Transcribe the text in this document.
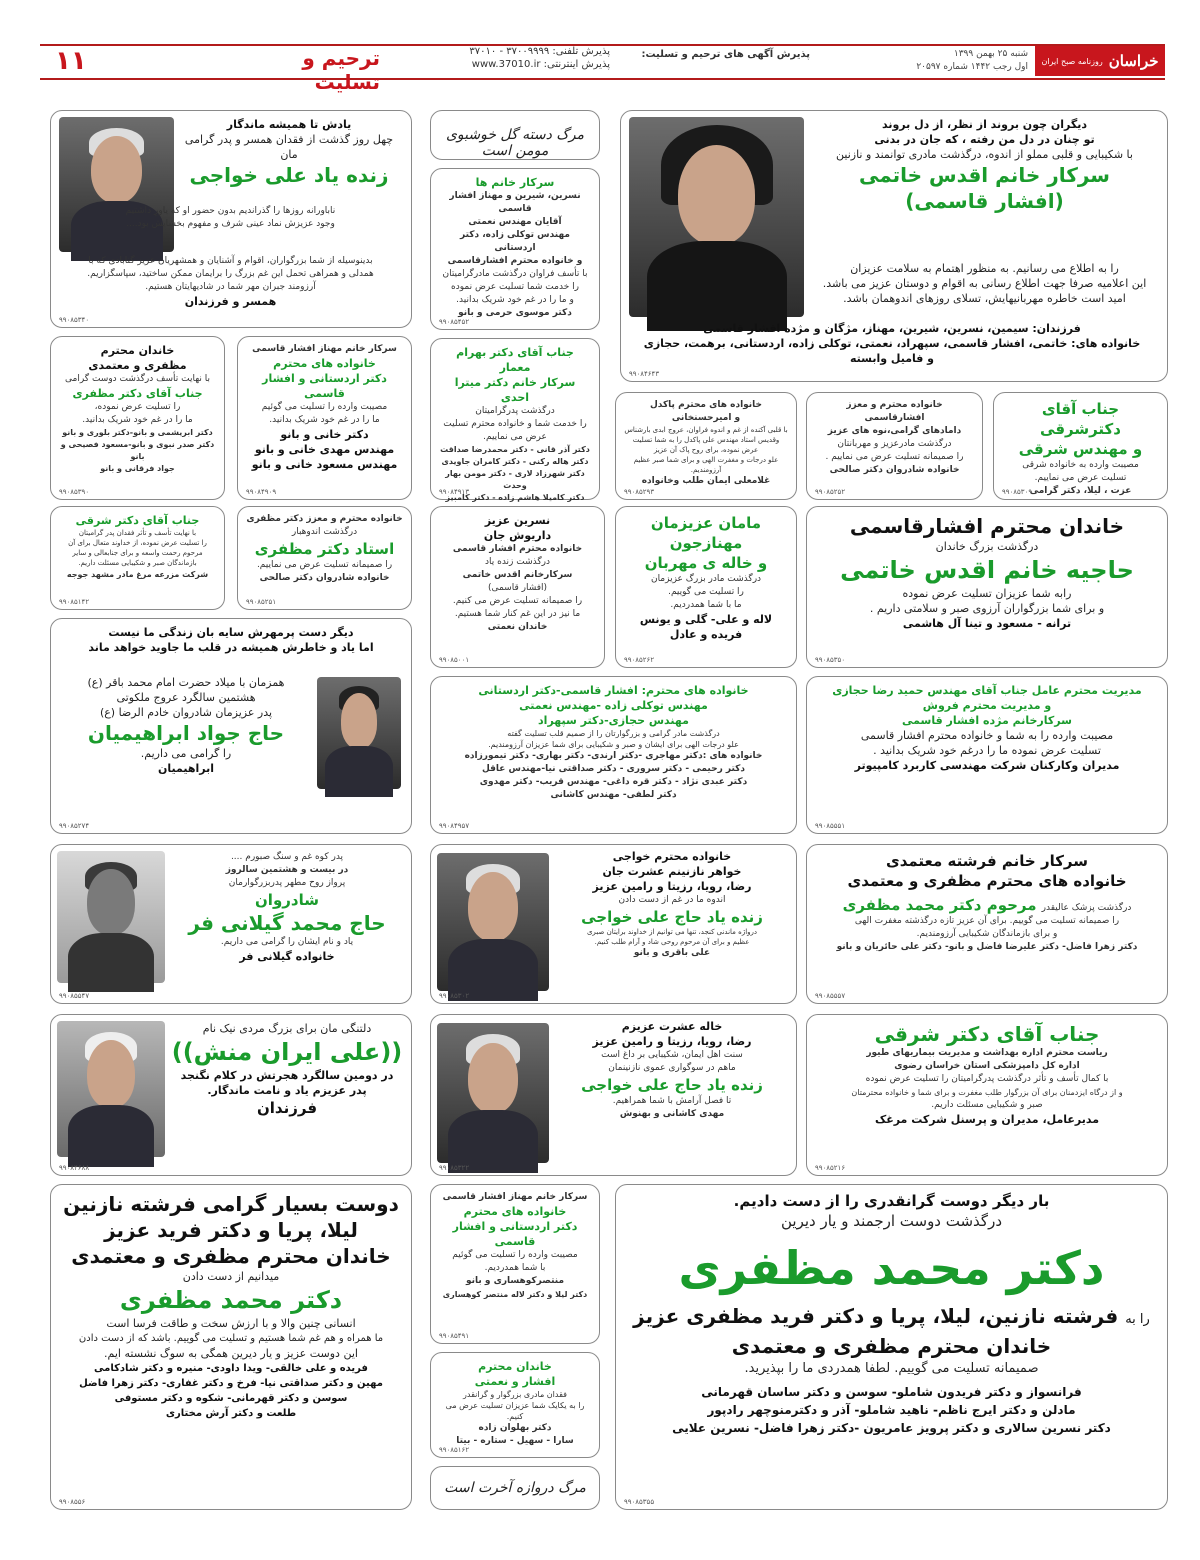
خراسان
روزنامه صبح ایران
شنبه ۲۵ بهمن ۱۳۹۹
اول رجب ۱۴۴۲ شماره ۲۰۵۹۷
پذیرش آگهی های ترحیم و تسلیت:
پذیرش تلفنی: ۳۷۰۰۹۹۹۹ - ۳۷۰۱۰
پذیرش اینترنتی: www.37010.ir
ترحیم و تسلیت
۱۱

دیگران چون بروند از نظر، از دل بروند

تو چنان در دل من رفته ، که جان در بدنی

با شکیبایی و قلبی مملو از اندوه، درگذشت مادری توانمند و نازنین

سرکار خانم اقدس خاتمی

(افشار قاسمی)

را به اطلاع می رسانیم. به منظور اهتمام به سلامت عزیزان

این اعلامیه صرفا جهت اطلاع رسانی به اقوام و دوستان عزیز می باشد.

امید است خاطره مهربانیهایش، تسلای روزهای اندوهمان باشد.

فرزندان: سیمین، نسرین، شیرین، مهناز، مژگان و مژده افشار قاسمی

خانواده های: خاتمی، افشار قاسمی، سپهراد، نعمتی، توکلی زاده، اردستانی، برهمت، حجازی

و فامیل وابسته

۹۹۰۸۴۶۴۳

مرگ دسته گل خوشبوی مومن است

سرکار خانم ها

نسرین، شیرین و مهناز افشار قاسمی

آقایان مهندس نعمتی

مهندس توکلی زاده، دکتر اردستانی

و خانواده محترم افشارقاسمی

با تأسف فراوان درگذشت مادرگرامیتان

را خدمت شما تسلیت عرض نموده

و ما را در غم خود شریک بدانید.

دکتر موسوی حرمی و بانو

۹۹۰۸۵۴۵۲

یادش تا همیشه ماندگار

چهل روز گذشت از فقدان همسر و پدر گرامی مان

زنده یاد علی خواجی

ناباورانه روزها را گذراندیم بدون حضور او که یاورِ داشتیم

وجود عزیزش نماد عینی شرف و مفهوم بخشایش بود....

بدینوسیله از شما بزرگواران، اقوام و آشنایان و همشهریان عزیز گنابادی که با

همدلی و همراهی تحمل این غم بزرگ را برایمان ممکن ساختید، سپاسگزاریم.

آرزومند جبران مهر شما در شادیهایتان هستیم.

همسر و فرزندان

۹۹۰۸۵۳۴۰

جناب آقای دکترشرقی

و مهندس شرقی

مصیبت وارده به خانواده شرقی

تسلیت عرض می نماییم.

عزت ، لیلا، دکتر گرامی

۹۹۰۸۵۳۰۹

خانواده محترم و معزز افشارقاسمی

دامادهای گرامی،نوه های عزیز

درگذشت مادرعزیز و مهربانتان

را صمیمانه تسلیت عرض می نماییم .

خانواده شادروان دکتر صالحی

۹۹۰۸۵۲۵۲

خانواده های محترم پاکدل

و امیرحسنخانی

با قلبی آکنده از غم و اندوه فراوان، عروج ابدی بارشناس

وقدیس استاد مهندس علی پاکدل را به شما تسلیت

عرض نموده، برای روح پاک آن عزیز

علو درجات و مغفرت الهی و برای شما صبر عظیم آرزومندیم.

غلامعلی ایمان طلب وخانواده

۹۹۰۸۵۲۹۳

جناب آقای دکتر بهرام معمار

سرکار خانم دکتر میترا احدی

درگذشت پدرگرامیتان

را خدمت شما و خانواده محترم تسلیت

عرض می نماییم.

دکتر آذر قانی - دکتر محمدرضا صداقت

دکتر هاله رکنی - دکتر کامران جاویدی

دکتر شهرزاد لاری - دکتر مومن بهار وحدت

دکتر کامیلا هاشم زاده - دکتر کامبیز

۹۹۰۸۴۹۱۳

سرکار خانم مهناز افشار قاسمی

خانواده های محترم

دکتر اردستانی و افشار قاسمی

مصیبت وارده را تسلیت می گوئیم

ما را در غم خود شریک بدانید.

دکتر خانی و بانو

مهندس مهدی خانی و بانو

مهندس مسعود خانی و بانو

۹۹۰۸۴۹۰۹

خاندان محترم

مظفری و معتمدی

با نهایت تأسف درگذشت دوست گرامی

جناب آقای دکتر مظفری

را تسلیت عرض نموده،

ما را در غم خود شریک بدانید.

دکتر ابریشمی و بانو-دکتر بلوری و بانو

دکتر صدر نبوی و بانو-مسعود فصیحی و بانو

جواد فرقانی و بانو

۹۹۰۸۵۳۹۰

خاندان محترم افشارقاسمی

درگذشت بزرگ خاندان

حاجیه خانم اقدس خاتمی

رابه شما عزیزان تسلیت عرض نموده

و برای شما بزرگواران آرزوی صبر و سلامتی داریم .

ترانه - مسعود و تینا آل هاشمی

۹۹۰۸۵۳۵۰

مامان عزیزمان

مهنازجون

و خاله ی مهربان

درگذشت مادر بزرگ عزیزمان

را تسلیت می گوییم.

ما با شما همدردیم.

لاله و علی- گلی و یونس

فریده و عادل

۹۹۰۸۵۲۶۲

نسرین عزیز

داریوش جان

خانواده محترم افشار قاسمی

درگذشت زنده یاد

سرکارخانم اقدس خاتمی

(افشار قاسمی)

را صمیمانه تسلیت عرض می کنیم.

ما نیز در این غم کنار شما هستیم.

خاندان نعمتی

۹۹۰۸۵۰۰۱

خانواده محترم و معزز دکتر مظفری

درگذشت اندوهبار

استاد دکتر مظفری

را صمیمانه تسلیت عرض می نماییم.

خانواده شادروان دکتر صالحی

۹۹۰۸۵۲۵۱

جناب آقای دکتر شرقی

با نهایت تأسف و تأثر فقدان پدر گرامیتان

را تسلیت عرض نموده، از خداوند متعال برای آن

مرحوم رحمت واسعه و برای جنابعالی و سایر

بازماندگان صبر و شکیبایی مسئلت داریم.

شرکت مزرعه مرغ مادر مشهد جوجه

۹۹۰۸۵۱۴۲

دیگر دست پرمهرش سایه بان زندگی ما نیست

اما یاد و خاطرش همیشه در قلب ما جاوید خواهد ماند

همزمان با میلاد حضرت امام محمد باقر (ع)

هشتمین سالگرد عروج ملکوتی

پدر عزیزمان شادروان خادم الرضا (ع)

حاج جواد ابراهیمیان

را گرامی می داریم.

ابراهیمیان

۹۹۰۸۵۲۷۴

خانواده های محترم: افشار قاسمی-دکتر اردستانی

مهندس توکلی زاده -مهندس نعمتی

مهندس حجازی-دکتر سپهراد

درگذشت مادر گرامی و بزرگوارتان را از صمیم قلب تسلیت گفته

علو درجات الهی برای ایشان و صبر و شکیبایی برای شما عزیزان آرزومندیم.

خانواده های :دکتر مهاجری -دکتر ارندی- دکتر بهاری- دکتر تیمورزاده

دکتر رحیمی - دکتر سروری - دکتر صداقتی نیا-مهندس عاقل

دکتر عبدی نژاد - دکتر قره داغی- مهندس قریب- دکتر مهدوی

دکتر لطفی- مهندس کاشانی

۹۹۰۸۴۹۵۷

مدیریت محترم عامل جناب آقای مهندس حمید رضا حجازی

و مدیریت محترم فروش

سرکارخانم مژده افشار قاسمی

مصیبت وارده را به شما و خانواده محترم افشار قاسمی

تسلیت عرض نموده ما را درغم خود شریک بدانید .

مدیران وکارکنان شرکت مهندسی کاربرد کامپیوتر

۹۹۰۸۵۵۵۱

پدر کوه غم و سنگ صبورم ....

در بیست و هشتمین سالروز

پرواز روح مطهر پدربزرگوارمان

شادروان

حاج محمد گیلانی فر

یاد و نام ایشان را گرامی می داریم.

خانواده گیلانی فر

۹۹۰۸۵۵۴۷

خانواده محترم خواجی

خواهر نازنینم عشرت جان

رضا، رویا، رزیتا و رامین عزیز

اندوه ما در غم از دست دادن

زنده یاد حاج علی خواجی

درواژه ماندنی کنجد، تنها می توانیم از خداوند برایتان صبری

عظیم و برای آن مرحوم روحی شاد و آرام طلب کنیم.

علی باقری و بانو

۹۹۰۸۵۳۰۲

سرکار خانم فرشته معتمدی

خانواده های محترم مظفری و معتمدی

درگذشت پزشک عالیقدر مرحوم دکتر محمد مظفری

را صمیمانه تسلیت می گوییم. برای آن عزیز تازه درگذشته مغفرت الهی

و برای بازماندگان شکیبایی آرزومندیم.

دکتر زهرا فاضل- دکتر علیرضا فاضل و بانو- دکتر علی حائریان و بانو

۹۹۰۸۵۵۵۷

دلتنگی مان برای بزرگ مردی نیک نام

((علی ایران منش))

در دومین سالگرد هجرتش در کلام نگنجد

پدر عزیزم یاد و نامت ماندگار.

فرزندان

۹۹۰۸۴۶۸۸

خاله عشرت عزیزم

رضا، رویا، رزیتا و رامین عزیز

سنت اهل ایمان، شکیبایی بر داغ است

ماهم در سوگواری عموی نازنینمان

زنده یاد حاج علی خواجی

تا فصل آرامش با شما همراهیم.

مهدی کاشانی و بهنوش

۹۹۰۸۵۳۲۲

جناب آقای دکتر شرقی

ریاست محترم اداره بهداشت و مدیریت بیماریهای طیور

اداره کل دامپزشکی استان خراسان رضوی

با کمال تأسف و تأثر درگذشت پدرگرامیتان را تسلیت عرض نموده

و از درگاه ایزدمنان برای آن بزرگوار طلب مغفرت و برای شما و خانواده محترمتان

صبر و شکیبایی مسئلت داریم.

مدیرعامل، مدیران و پرسنل شرکت مرغک

۹۹۰۸۵۲۱۶

دوست بسیار گرامی فرشته نازنین

لیلا، پریا و دکتر فرید عزیز

خاندان محترم مظفری و معتمدی

میدانیم از دست دادن

دکتر محمد مظفری

انسانی چنین والا و با ارزش سخت و طاقت فرسا است

ما همراه و هم غم شما هستیم و تسلیت می گوییم. باشد که از دست دادن

این دوست عزیز و یار دیرین همگی به سوگ نشسته ایم.

فریده و علی خالقی- ویدا داودی- منیره و دکتر شادکامی

مهین و دکتر صداقتی نیا- فرخ و دکتر غفاری- دکتر زهرا فاضل

سوسن و دکتر قهرمانی- شکوه و دکتر مستوفی

طلعت و دکتر آرش مختاری

۹۹۰۸۵۵۶

سرکار خانم مهناز افشار قاسمی

خانواده های محترم

دکتر اردستانی و افشار قاسمی

مصیبت وارده را تسلیت می گوئیم

با شما همدردیم.

منتصرکوهساری و بانو

دکتر لیلا و دکتر لاله منتصر کوهساری

۹۹۰۸۵۴۹۱

خاندان محترم

افشار و نعمتی

فقدان مادری بزرگوار و گرانقدر

را به یکایک شما عزیزان تسلیت عرض می کنیم.

دکتر بهلوان زاده

سارا - سهیل - ستاره - بیتا

۹۹۰۸۵۱۶۲

مرگ دروازه آخرت است

بار دیگر دوست گرانقدری را از دست دادیم.

درگذشت دوست ارجمند و یار دیرین

دکتر محمد مظفری

را به فرشته نازنین، لیلا، پریا و دکتر فرید مظفری عزیز

خاندان محترم مظفری و معتمدی

صمیمانه تسلیت می گوییم. لطفا همدردی ما را بپذیرید.

فرانسواز و دکتر فریدون شاملو- سوسن و دکتر ساسان قهرمانی

مادلن و دکتر ایرج ناظم- ناهید شاملو- آذر و دکترمنوچهر رادپور

دکتر نسرین سالاری و دکتر پرویز عامریون -دکتر زهرا فاضل- نسرین علایی

۹۹۰۸۵۳۵۵
